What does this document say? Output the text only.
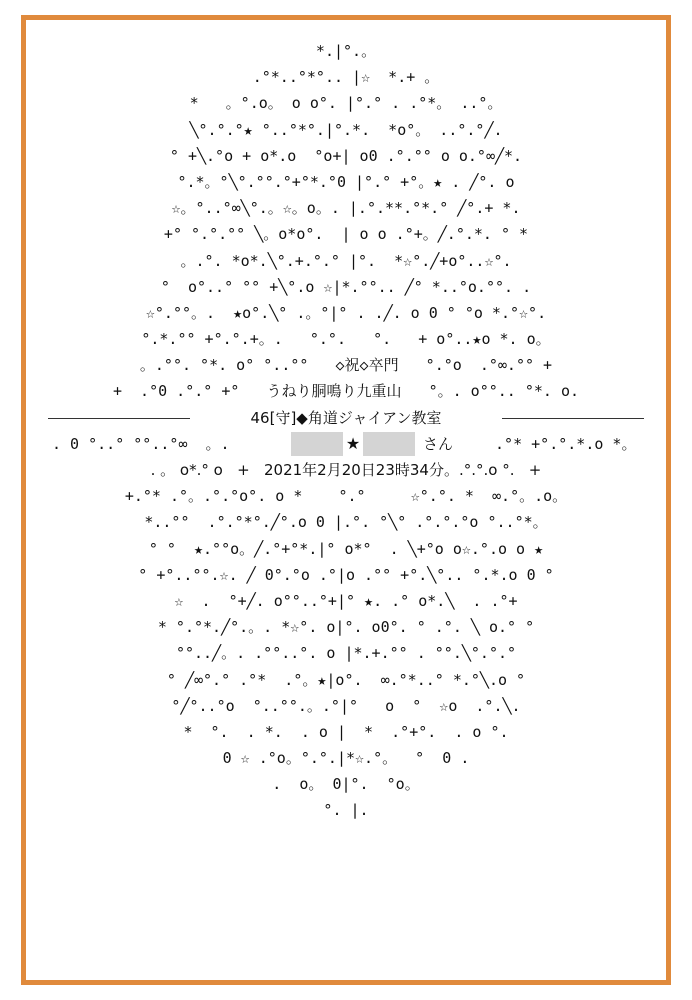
*.|°.。
.°*..°*°.. |☆  *.+ 。
*   。°.o。 o o°. |°.° . .°*。 ..°。
╲°.°.°★ °..°*°.|°.*.  *o°。 ..°.°╱.
° +╲.°o + o*.o  °o+| o0 .°.°° o o.°∞╱*.
°.*。°╲°.°°.°+°*.°0 |°.° +°。★ . ╱°. o
☆。°..°∞╲°.。☆。o。. |.°.**.°*.° ╱°.+ *.
+° °.°.°° ╲。o*o°.  | o o .°+。╱.°.*. ° *
。.°. *o*.╲°.+.°.° |°.  *☆°.╱+o°..☆°.
°  o°..° °° +╲°.o ☆|*.°°.. ╱° *..°o.°°. .
☆°.°°。.  ★o°.╲° .。°|° . .╱. o 0 ° °o *.°☆°.
°.*.°° +°.°.+。.   °.°.   °.   + o°..★o *. o。
。.°°. °*. o° °..°°   ◇祝◇卒門   °.°o  .°∞.°° +
+  .°0 .°.° +°   うねり胴鳴り九重山   °。. o°°.. °*. o.
46[守]◆角道ジャイアン教室
. 0 °..° °°..°∞  。.	★	さん .°* +°.°.*.o *。
. 。 o*.° o   +   2021年2月20日23時34分。.°.°.o °.   +
+.°* .°。.°.°o°. o *    °.°     ☆°.°. *  ∞.°。.o。
*..°°  .°.°*°.╱°.o 0 |.°. °╲° .°.°.°o °..°*。
° °  ★.°°o。╱.°+°*.|° o*°  . ╲+°o o☆.°.o o ★
° +°..°°.☆. ╱ 0°.°o .°|o .°° +°.╲°.. °.*.o 0 °
☆  .  °+╱. o°°..°+|° ★. .° o*.╲  . .°+
* °.°*.╱°.。. *☆°. o|°. o0°. ° .°. ╲ o.° °
°°..╱。. .°°..°. o |*.+.°° . °°.╲°.°.°
° ╱∞°.° .°*  .°。★|o°.  ∞.°*..° *.°╲.o °
°╱°..°o  °..°°.。.°|°   o  °  ☆o  .°.╲.
*  °.  . *.  . o |  *  .°+°.  . o °.
0 ☆ .°o。°.°.|*☆.°。  °  0 .
.  o。 0|°.  °o。
°. |.
